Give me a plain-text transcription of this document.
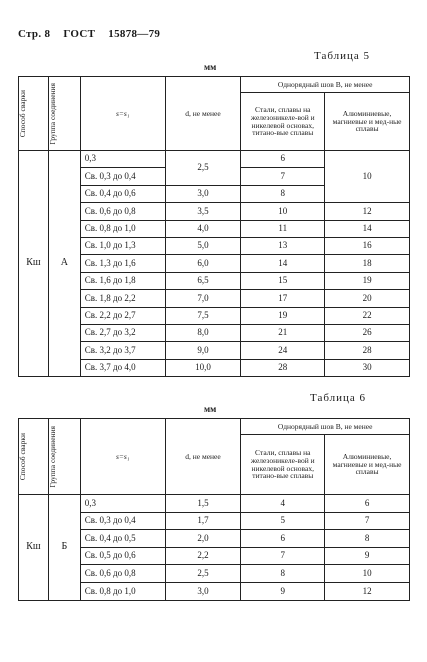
Стр. 8 ГОСТ 15878—79
Таблица 5
мм
Способ сварки	Группа соединения	s=s₁	d, не менее	Однорядный шов B, не менее	
				Стали, сплавы на железоникеле-вой и никелевой основах, титано-вые сплавы	Алюминиевые, магниевые и мед-ные сплавы
Кш	А	0,3	2,5	6	10
		Св. 0,3 до 0,4		7	
		Св. 0,4 до 0,6	3,0	8	
		Св. 0,6 до 0,8	3,5	10	12
		Св. 0,8 до 1,0	4,0	11	14
		Св. 1,0 до 1,3	5,0	13	16
		Св. 1,3 до 1,6	6,0	14	18
		Св. 1,6 до 1,8	6,5	15	19
		Св. 1,8 до 2,2	7,0	17	20
		Св. 2,2 до 2,7	7,5	19	22
		Св. 2,7 до 3,2	8,0	21	26
		Св. 3,2 до 3,7	9,0	24	28
		Св. 3,7 до 4,0	10,0	28	30
Таблица 6
мм
Способ сварки	Группа соединения	s=s₁	d, не менее	Однорядный шов B, не менее	
				Стали, сплавы на железоникеле-вой и никелевой основах, титано-вые сплавы	Алюминиевые, магниевые и мед-ные сплавы
Кш	Б	0,3	1,5	4	6
		Св. 0,3 до 0,4	1,7	5	7
		Св. 0,4 до 0,5	2,0	6	8
		Св. 0,5 до 0,6	2,2	7	9
		Св. 0,6 до 0,8	2,5	8	10
		Св. 0,8 до 1,0	3,0	9	12
